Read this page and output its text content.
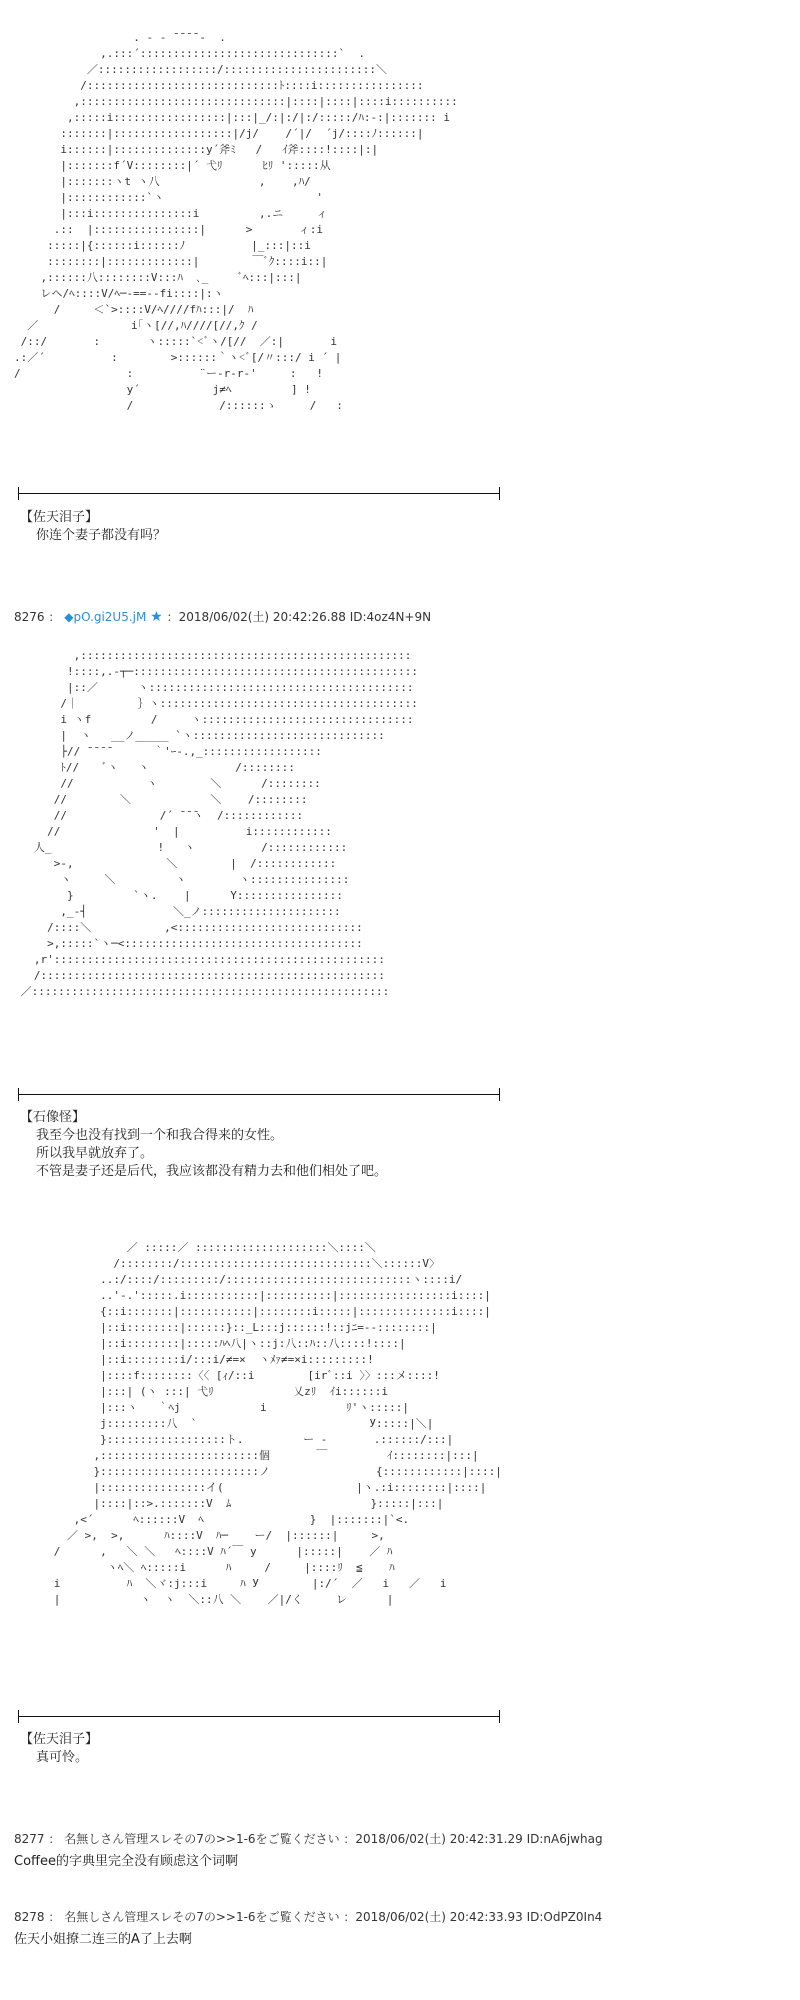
. - ‐ ̄ ̄ ̄ ̄ -  .
,.:::´::::::::::::::::::::::::::::::`  .
／::::::::::::::::::/:::::::::::::::::::::::＼
/:::::::::::::::::::::::::::::ﾄ::::i::::::::::::::::
,:::::::::::::::::::::::::::::::|::::|::::|::::i::::::::::
,:::::i:::::::::::::::::|:::|_/:|:/|:/:::::/ﾊ:-:|::::::: i
:::::::|::::::::::::::::::|/j/    /´|/  ´j/::::ﾉ::::::|
i::::::|::::::::::::::y´斧ﾐ   /   ｲ斧::::!::::|:|
|:::::::f´V::::::::|´ 弋ﾘ      ﾋﾘ ':::::从
|:::::::ヽt ヽ八               ,    ,ﾊ/
|::::::::::::`ヽ                       '
|:::i:::::::::::::::i         ,.ニ     ィ
.::  |::::::::::::::::|      >       ィ:i
:::::|{::::::i::::::ﾉ          |_:::|::i
::::::::|:::::::::::::|        ￣ﾞｸ::::i::|
,::::::八::::::::V:::ﾊ  ､_     ﾞﾍ:::|:::|
レヘ/ﾍ::::V/ﾍ─‐==‐-fi::::|:ヽ
/     ＜`>::::V/ﾍ////fﾊ:::|/  ﾊ
／              i｢ヽ[//,ﾊ////[//,ｸ /
/::/       :       ヽ:::::`<ﾞヽ/[//  ／:|       i
.:／´          :        >::::::｀ヽ<ﾞ[/〃:::/ i ´ |
/                :          ¨ー‐r‐r‐'     :   !
y´           j≠ﾍ         ] !
/             /::::::ゝ     /   :
【佐天泪子】
你连个妻子都没有吗？
8276 ： ◆pO.gi2U5.jM ★ ：2018/06/02(土) 20:42:26.88 ID:4oz4N+9N
,::::::::::::::::::::::::::::::::::::::::::::::::::
!::::,.‐┬─:::::::::::::::::::::::::::::::::::::::::::
|::／      ヽ::::::::::::::::::::::::::::::::::::::::
/｜         ｝ヽ:::::::::::::::::::::::::::::::::::::::
i ヽf         /     ヽ::::::::::::::::::::::::::::::::
|  ヽ   __ノ_____ `ヽ:::::::::::::::::::::::::::::
├// ̄ ̄ ̄ ̄       ｀'ｰ-.,_::::::::::::::::::
ﾄ//    ﾞヽ   ヽ             /::::::::
//           ヽ        ＼      /::::::::
//        ＼            ＼    /::::::::
//              /´ ̄ ̄ ̄ヽ  /::::::::::::
//              '  |          i::::::::::::
人_                !   ヽ          /::::::::::::
>-,              ＼        |  /::::::::::::
ヽ     ＼         ヽ        ヽ:::::::::::::::
}         `ヽ.    |      Y::::::::::::::::
,_-┤             ＼_ノ:::::::::::::::::::::
/::::＼           ,<::::::::::::::::::::::::::::
>,:::::`ヽ─<::::::::::::::::::::::::::::::::::::
,r'::::::::::::::::::::::::::::::::::::::::::::::::::
/::::::::::::::::::::::::::::::::::::::::::::::::::::
／::::::::::::::::::::::::::::::::::::::::::::::::::::::
【石像怪】
我至今也没有找到一个和我合得来的女性。
所以我早就放弃了。
不管是妻子还是后代，我应该都没有精力去和他们相处了吧。
／ :::::／ ::::::::::::::::::::＼::::＼
/::::::::/:::::::::::::::::::::::::::::＼::::::V〉
..:/::::/:::::::::/::::::::::::::::::::::::::::ヽ::::i/
..'-.':::::.i:::::::::::|::::::::::|:::::::::::::::::i::::|
{::i:::::::|:::::::::::|::::::::i:::::|::::::::::::::i::::|
|::i::::::::|::::::}::_L:::j::::::!::jﾆ=‐-::::::::|
|::i::::::::|:::::ﾊﾍ八|ヽ::j:八::ﾊ::八::::!::::|
|::i::::::::i/:::i/≠=×  ヽﾒｧ≠=×i:::::::::!
|::::f::::::::〈〈 [ｨ/::i        [irﾞ::i 〉〉:::メ::::!
|:::| (ヽ :::| 弋ﾘ            乂zﾘ  ｲi::::::i
|:::ヽ   ｀ﾍj            i            ﾘ'ヽ:::::|
j:::::::::八  `                          У:::::|＼|
}::::::::::::::::::ト.         ー -       .::::::/:::|
,::::::::::::::::::::::::個       ￣         ｲ::::::::|:::|
}::::::::::::::::::::::::ノ                {::::::::::::|::::|
|::::::::::::::::イ(                    |ヽ.:i::::::::|::::|
|::::|::>.:::::::V  ﾑ                     }:::::|:::|
,<´      ﾍ::::::V  ﾍ                }  |:::::::|`<.
／ >,  >,      ﾊ::::V  ﾊ─    ー/  |::::::|     >,
/      ,   ＼ ＼   ﾍ::::V ﾊ´￣ y      |:::::|    ／ ﾊ
ヽﾍ＼ ﾍ:::::i      ﾊ     /     |::::ﾘ  ≦    ﾊ
i          ﾊ  ＼ヾ:j:::i     ﾊ У        |:/´  ／   i   ／   i
|            ヽ  ヽ  ＼::八 ＼    ／|/く     レ      |
【佐天泪子】
真可怜。
8277 ： 名無しさん管理スレその7の>>1-6をご覧ください ：2018/06/02(土) 20:42:31.29 ID:nA6jwhag
Coffee的字典里完全没有顾虑这个词啊
8278 ： 名無しさん管理スレその7の>>1-6をご覧ください ：2018/06/02(土) 20:42:33.93 ID:OdPZ0In4
佐天小姐撩二连三的A了上去啊
